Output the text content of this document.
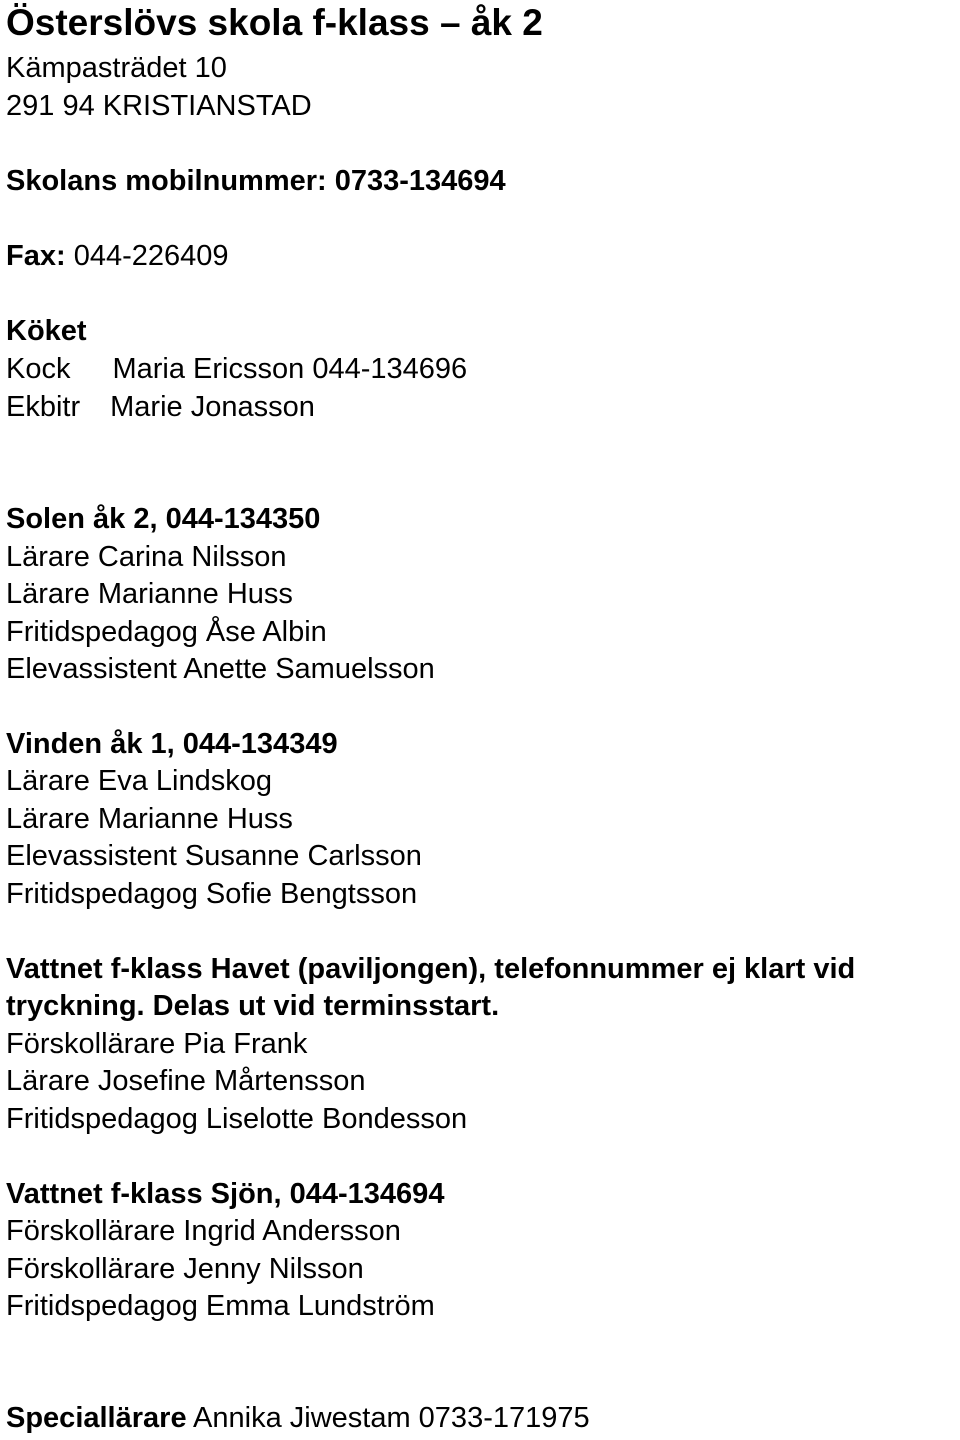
Österslövs skola f-klass – åk 2

Kämpasträdet 10

291 94 KRISTIANSTAD

Skolans mobilnummer: 0733-134694

Fax: 044-226409

Köket

Kock Maria Ericsson 044-134696

Ekbitr Marie Jonasson

Solen åk 2, 044-134350

Lärare Carina Nilsson

Lärare Marianne Huss

Fritidspedagog Åse Albin

Elevassistent Anette Samuelsson

Vinden åk 1, 044-134349

Lärare Eva Lindskog

Lärare Marianne Huss

Elevassistent Susanne Carlsson

Fritidspedagog Sofie Bengtsson

Vattnet f-klass Havet (paviljongen), telefonnummer ej klart vid

tryckning. Delas ut vid terminsstart.

Förskollärare Pia Frank

Lärare Josefine Mårtensson

Fritidspedagog Liselotte Bondesson

Vattnet f-klass Sjön, 044-134694

Förskollärare Ingrid Andersson

Förskollärare Jenny Nilsson

Fritidspedagog Emma Lundström

Speciallärare Annika Jiwestam 0733-171975
